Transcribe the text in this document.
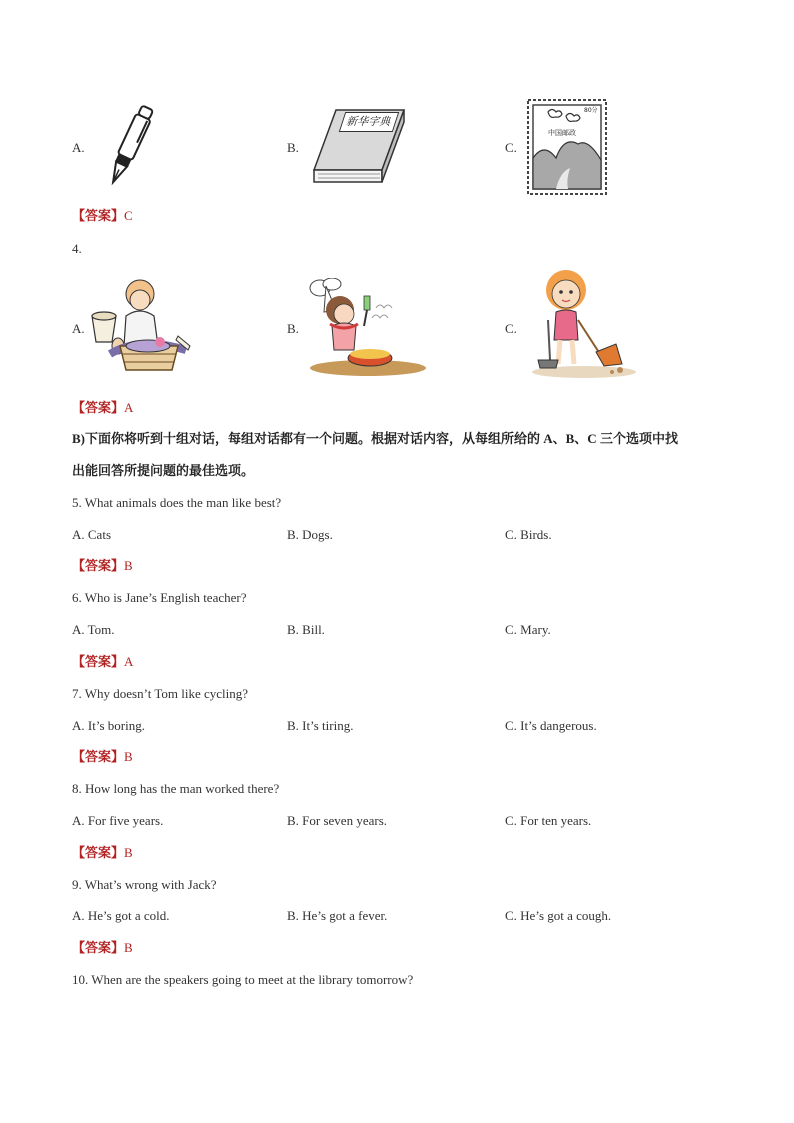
A.	B.
新华字典
C.
80分
中国邮政
【答案】C
4.
A.	B.	C.
【答案】A
B)下面你将听到十组对话，每组对话都有一个问题。根据对话内容，从每组所给的 A、B、C 三个选项中找
出能回答所提问题的最佳选项。
5. What animals does the man like best?
A. Cats	B. Dogs.	C. Birds.
【答案】B
6. Who is Jane’s English teacher?
A. Tom.	B. Bill.	C. Mary.
【答案】A
7. Why doesn’t Tom like cycling?
A. It’s boring.	B. It’s tiring.	C. It’s dangerous.
【答案】B
8. How long has the man worked there?
A. For five years.	B. For seven years.	C. For ten years.
【答案】B
9. What’s wrong with Jack?
A. He’s got a cold.	B. He’s got a fever.	C. He’s got a cough.
【答案】B
10. When are the speakers going to meet at the library tomorrow?
